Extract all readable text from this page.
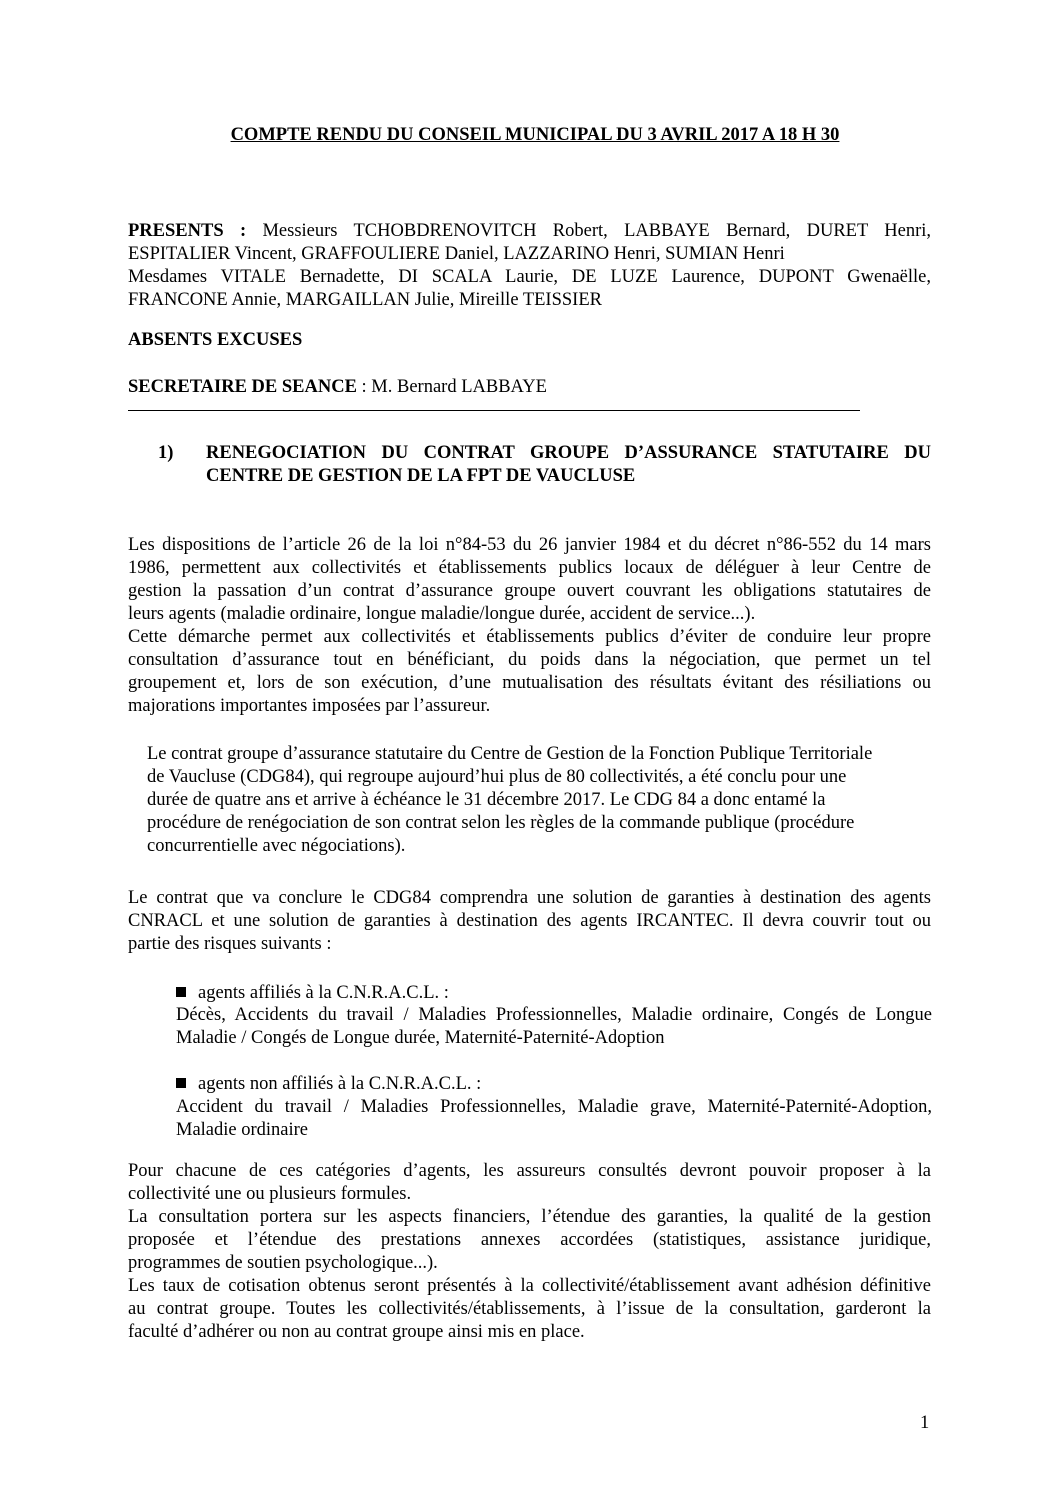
COMPTE RENDU DU CONSEIL MUNICIPAL DU 3 AVRIL 2017 A 18 H 30
PRESENTS : Messieurs TCHOBDRENOVITCH Robert, LABBAYE Bernard, DURET Henri,
ESPITALIER Vincent, GRAFFOULIERE Daniel, LAZZARINO Henri, SUMIAN Henri
Mesdames VITALE Bernadette, DI SCALA Laurie, DE LUZE Laurence, DUPONT Gwenaëlle,
FRANCONE Annie, MARGAILLAN Julie, Mireille TEISSIER
ABSENTS EXCUSES
SECRETAIRE DE SEANCE : M. Bernard LABBAYE
1) RENEGOCIATION DU CONTRAT GROUPE D’ASSURANCE STATUTAIRE DU
CENTRE DE GESTION DE LA FPT DE VAUCLUSE
Les dispositions de l’article 26 de la loi n°84-53 du 26 janvier 1984 et du décret n°86-552 du 14 mars
1986, permettent aux collectivités et établissements publics locaux de déléguer à leur Centre de
gestion la passation d’un contrat d’assurance groupe ouvert couvrant les obligations statutaires de
leurs agents (maladie ordinaire, longue maladie/longue durée, accident de service...).
Cette démarche permet aux collectivités et établissements publics d’éviter de conduire leur propre
consultation d’assurance tout en bénéficiant, du poids dans la négociation, que permet un tel
groupement et, lors de son exécution, d’une mutualisation des résultats évitant des résiliations ou
majorations importantes imposées par l’assureur.
Le contrat groupe d’assurance statutaire du Centre de Gestion de la Fonction Publique Territoriale
de Vaucluse (CDG84), qui regroupe aujourd’hui plus de 80 collectivités, a été conclu pour une
durée de quatre ans et arrive à échéance le 31 décembre 2017. Le CDG 84 a donc entamé la
procédure de renégociation de son contrat selon les règles de la commande publique (procédure
concurrentielle avec négociations).
Le contrat que va conclure le CDG84 comprendra une solution de garanties à destination des agents
CNRACL et une solution de garanties à destination des agents IRCANTEC. Il devra couvrir tout ou
partie des risques suivants :
agents affiliés à la C.N.R.A.C.L. :
Décès, Accidents du travail / Maladies Professionnelles, Maladie ordinaire, Congés de Longue
Maladie / Congés de Longue durée, Maternité-Paternité-Adoption
agents non affiliés à la C.N.R.A.C.L. :
Accident du travail / Maladies Professionnelles, Maladie grave, Maternité-Paternité-Adoption,
Maladie ordinaire
Pour chacune de ces catégories d’agents, les assureurs consultés devront pouvoir proposer à la
collectivité une ou plusieurs formules.
La consultation portera sur les aspects financiers, l’étendue des garanties, la qualité de la gestion
proposée et l’étendue des prestations annexes accordées (statistiques, assistance juridique,
programmes de soutien psychologique...).
Les taux de cotisation obtenus seront présentés à la collectivité/établissement avant adhésion définitive
au contrat groupe. Toutes les collectivités/établissements, à l’issue de la consultation, garderont la
faculté d’adhérer ou non au contrat groupe ainsi mis en place.
1
